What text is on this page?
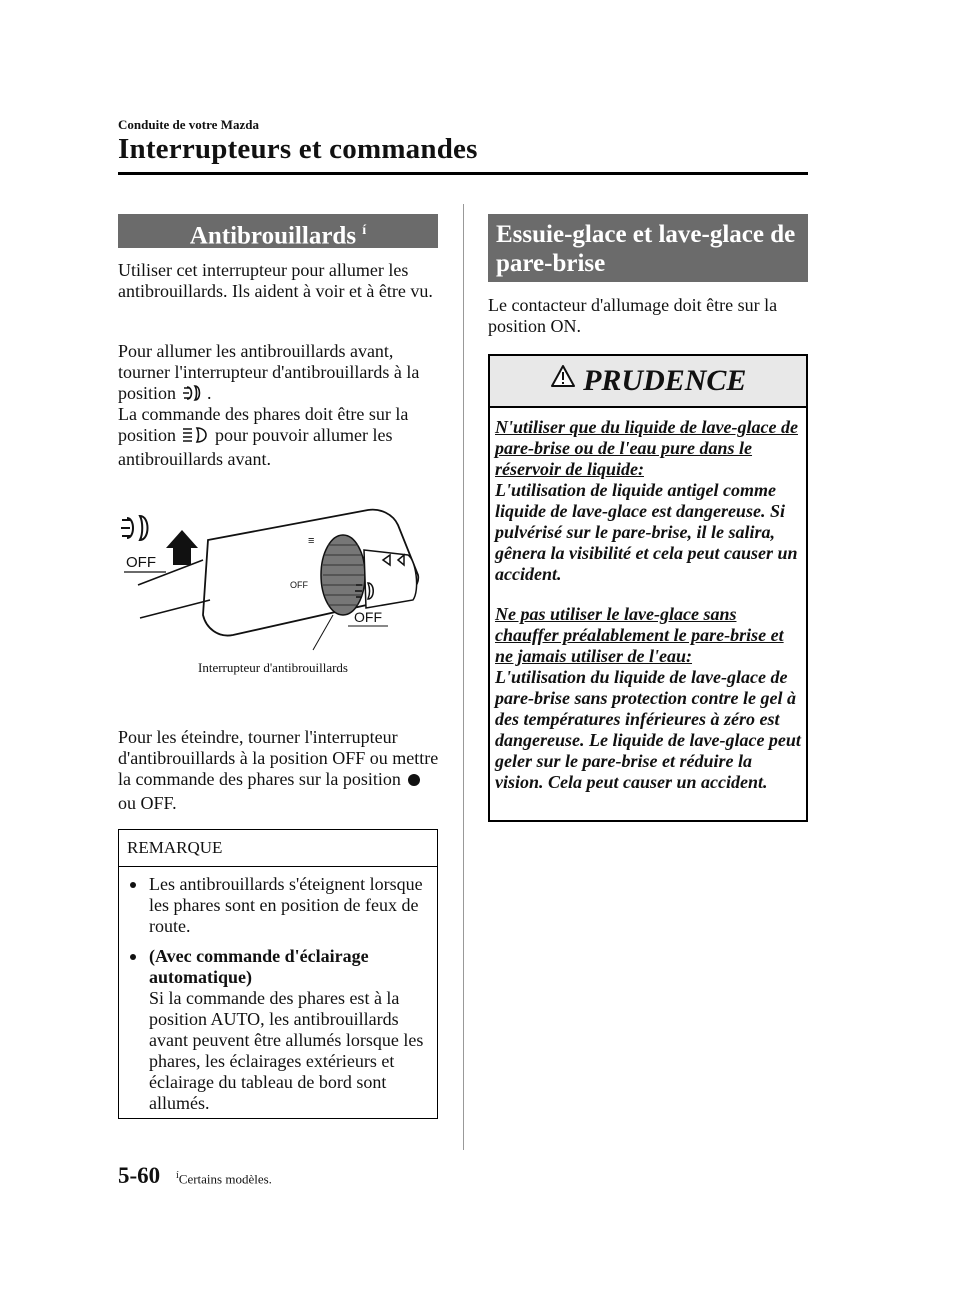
Conduite de votre Mazda
Interrupteurs et commandes
Antibrouillards $^í$
Utiliser cet interrupteur pour allumer les antibrouillards. Ils aident à voir et à être vu.
Pour allumer les antibrouillards avant, tourner l'interrupteur d'antibrouillards à la position .
La commande des phares doit être sur la position pour pouvoir allumer les antibrouillards avant.
OFF
≡
OFF
OFF
Interrupteur d'antibrouillards
Pour les éteindre, tourner l'interrupteur d'antibrouillards à la position OFF ou mettre la commande des phares sur la position  ou OFF.
REMARQUE
Les antibrouillards s'éteignent lorsque les phares sont en position de feux de route.
(Avec commande d'éclairage automatique)
Si la commande des phares est à la position AUTO, les antibrouillards avant peuvent être allumés lorsque les phares, les éclairages extérieurs et éclairage du tableau de bord sont allumés.
Essuie-glace et lave-glace de pare-brise
Le contacteur d'allumage doit être sur la position ON.
PRUDENCE
N'utiliser que du liquide de lave-glace de pare-brise ou de l'eau pure dans le réservoir de liquide:
L'utilisation de liquide antigel comme liquide de lave-glace est dangereuse. Si pulvérisé sur le pare-brise, il le salira, gênera la visibilité et cela peut causer un accident.
Ne pas utiliser le lave-glace sans chauffer préalablement le pare-brise et ne jamais utiliser de l'eau:
L'utilisation du liquide de lave-glace de pare-brise sans protection contre le gel à des températures inférieures à zéro est dangereuse. Le liquide de lave-glace peut geler sur le pare-brise et réduire la vision. Cela peut causer un accident.
5-60 $^í$Certains modèles.
